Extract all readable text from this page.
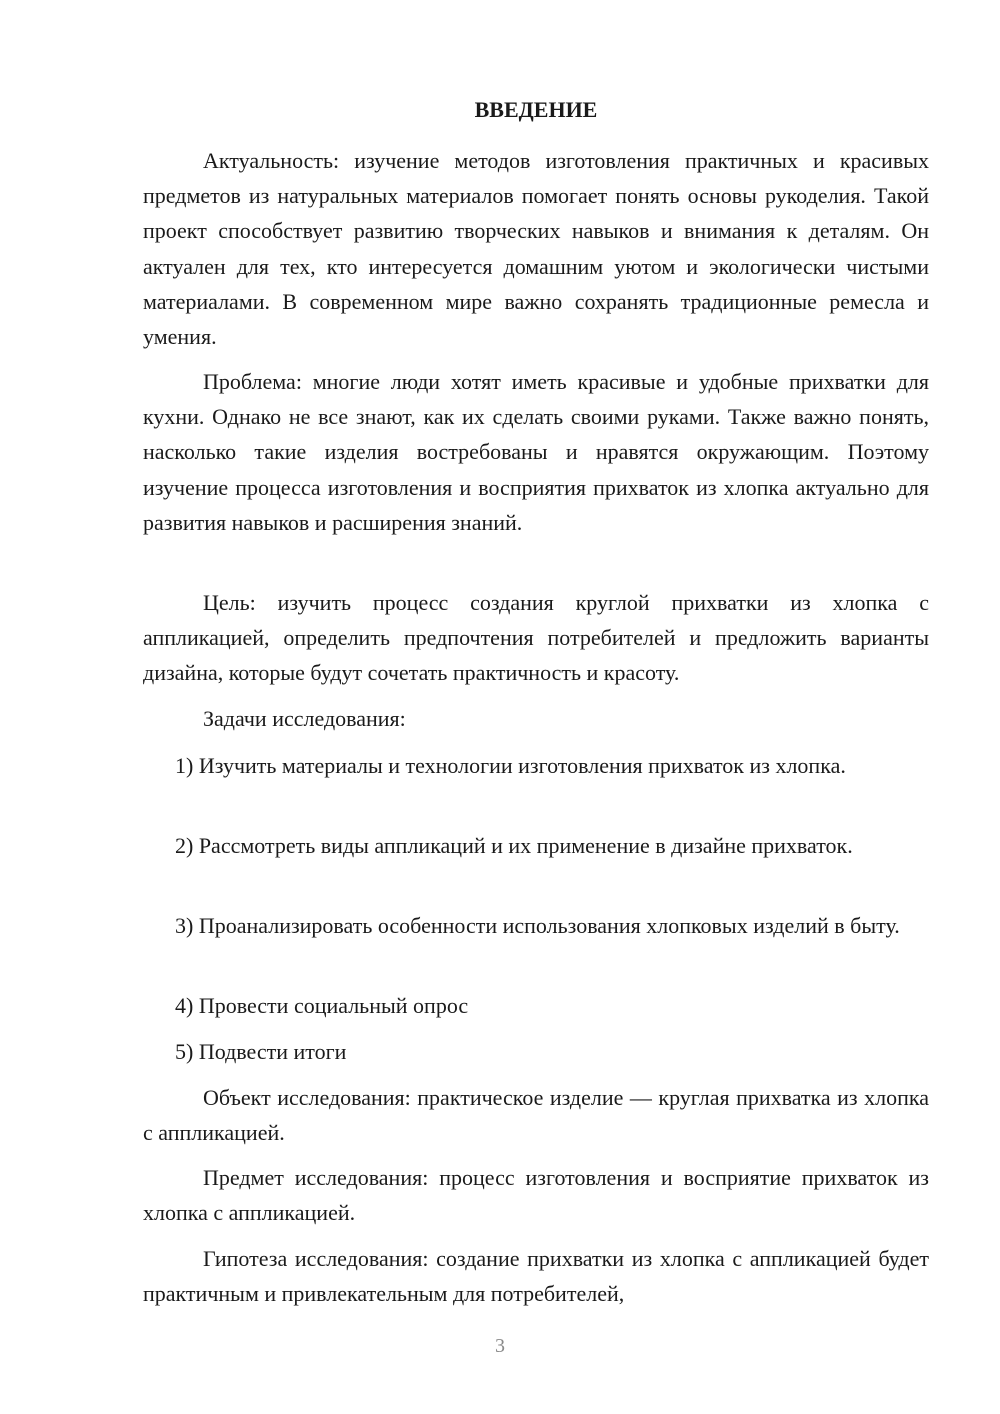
ВВЕДЕНИЕ

Актуальность: изучение методов изготовления практичных и красивых предметов из натуральных материалов помогает понять основы рукоделия. Такой проект способствует развитию творческих навыков и внимания к деталям. Он актуален для тех, кто интересуется домашним уютом и экологически чистыми материалами. В современном мире важно сохранять традиционные ремесла и умения.

Проблема: многие люди хотят иметь красивые и удобные прихватки для кухни. Однако не все знают, как их сделать своими руками. Также важно понять, насколько такие изделия востребованы и нравятся окружающим. Поэтому изучение процесса изготовления и восприятия прихваток из хлопка актуально для развития навыков и расширения знаний.

Цель: изучить процесс создания круглой прихватки из хлопка с аппликацией, определить предпочтения потребителей и предложить варианты дизайна, которые будут сочетать практичность и красоту.

Задачи исследования:

1) Изучить материалы и технологии изготовления прихваток из хлопка.

2) Рассмотреть виды аппликаций и их применение в дизайне прихваток.

3) Проанализировать особенности использования хлопковых изделий в быту.

4) Провести социальный опрос

5) Подвести итоги

Объект исследования: практическое изделие — круглая прихватка из хлопка с аппликацией.

Предмет исследования: процесс изготовления и восприятие прихваток из хлопка с аппликацией.

Гипотеза исследования: создание прихватки из хлопка с аппликацией будет практичным и привлекательным для потребителей,

3
